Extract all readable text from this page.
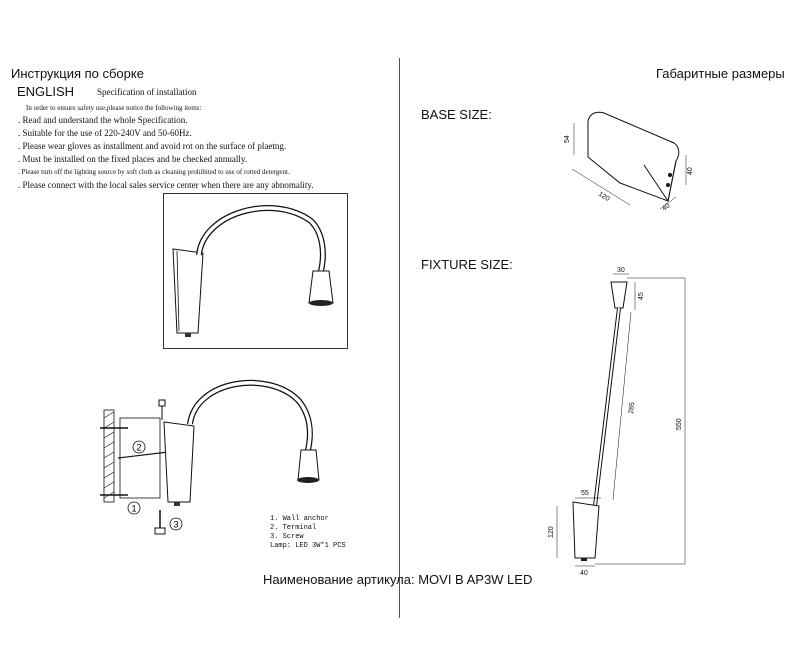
Инструкция по сборке
ENGLISH	Specification of installation
In order to ensure safety use,please notice the following items:
. Read and understand the whole Specification.
. Suitable for the use of 220-240V and 50-60Hz.
. Please wear gloves as installment and avoid rot on the surface of plaetng.
. Must be installed on the fixed places and be checked annually.
. Please turn off the lighting source by soft cloth as cleaning prohibited to use of rotted detergent.
. Please connect with the local sales service center when there are any abnomality.
2
1
3
1. Wall anchor
2. Terminal
3. Screw
Lamp: LED 3W*1 PCS
Габаритные размеры
BASE SIZE:
FIXTURE SIZE:
54
40
120
40
30
45
285
550
55
120
40
Наименование артикула: MOVI B AP3W LED
